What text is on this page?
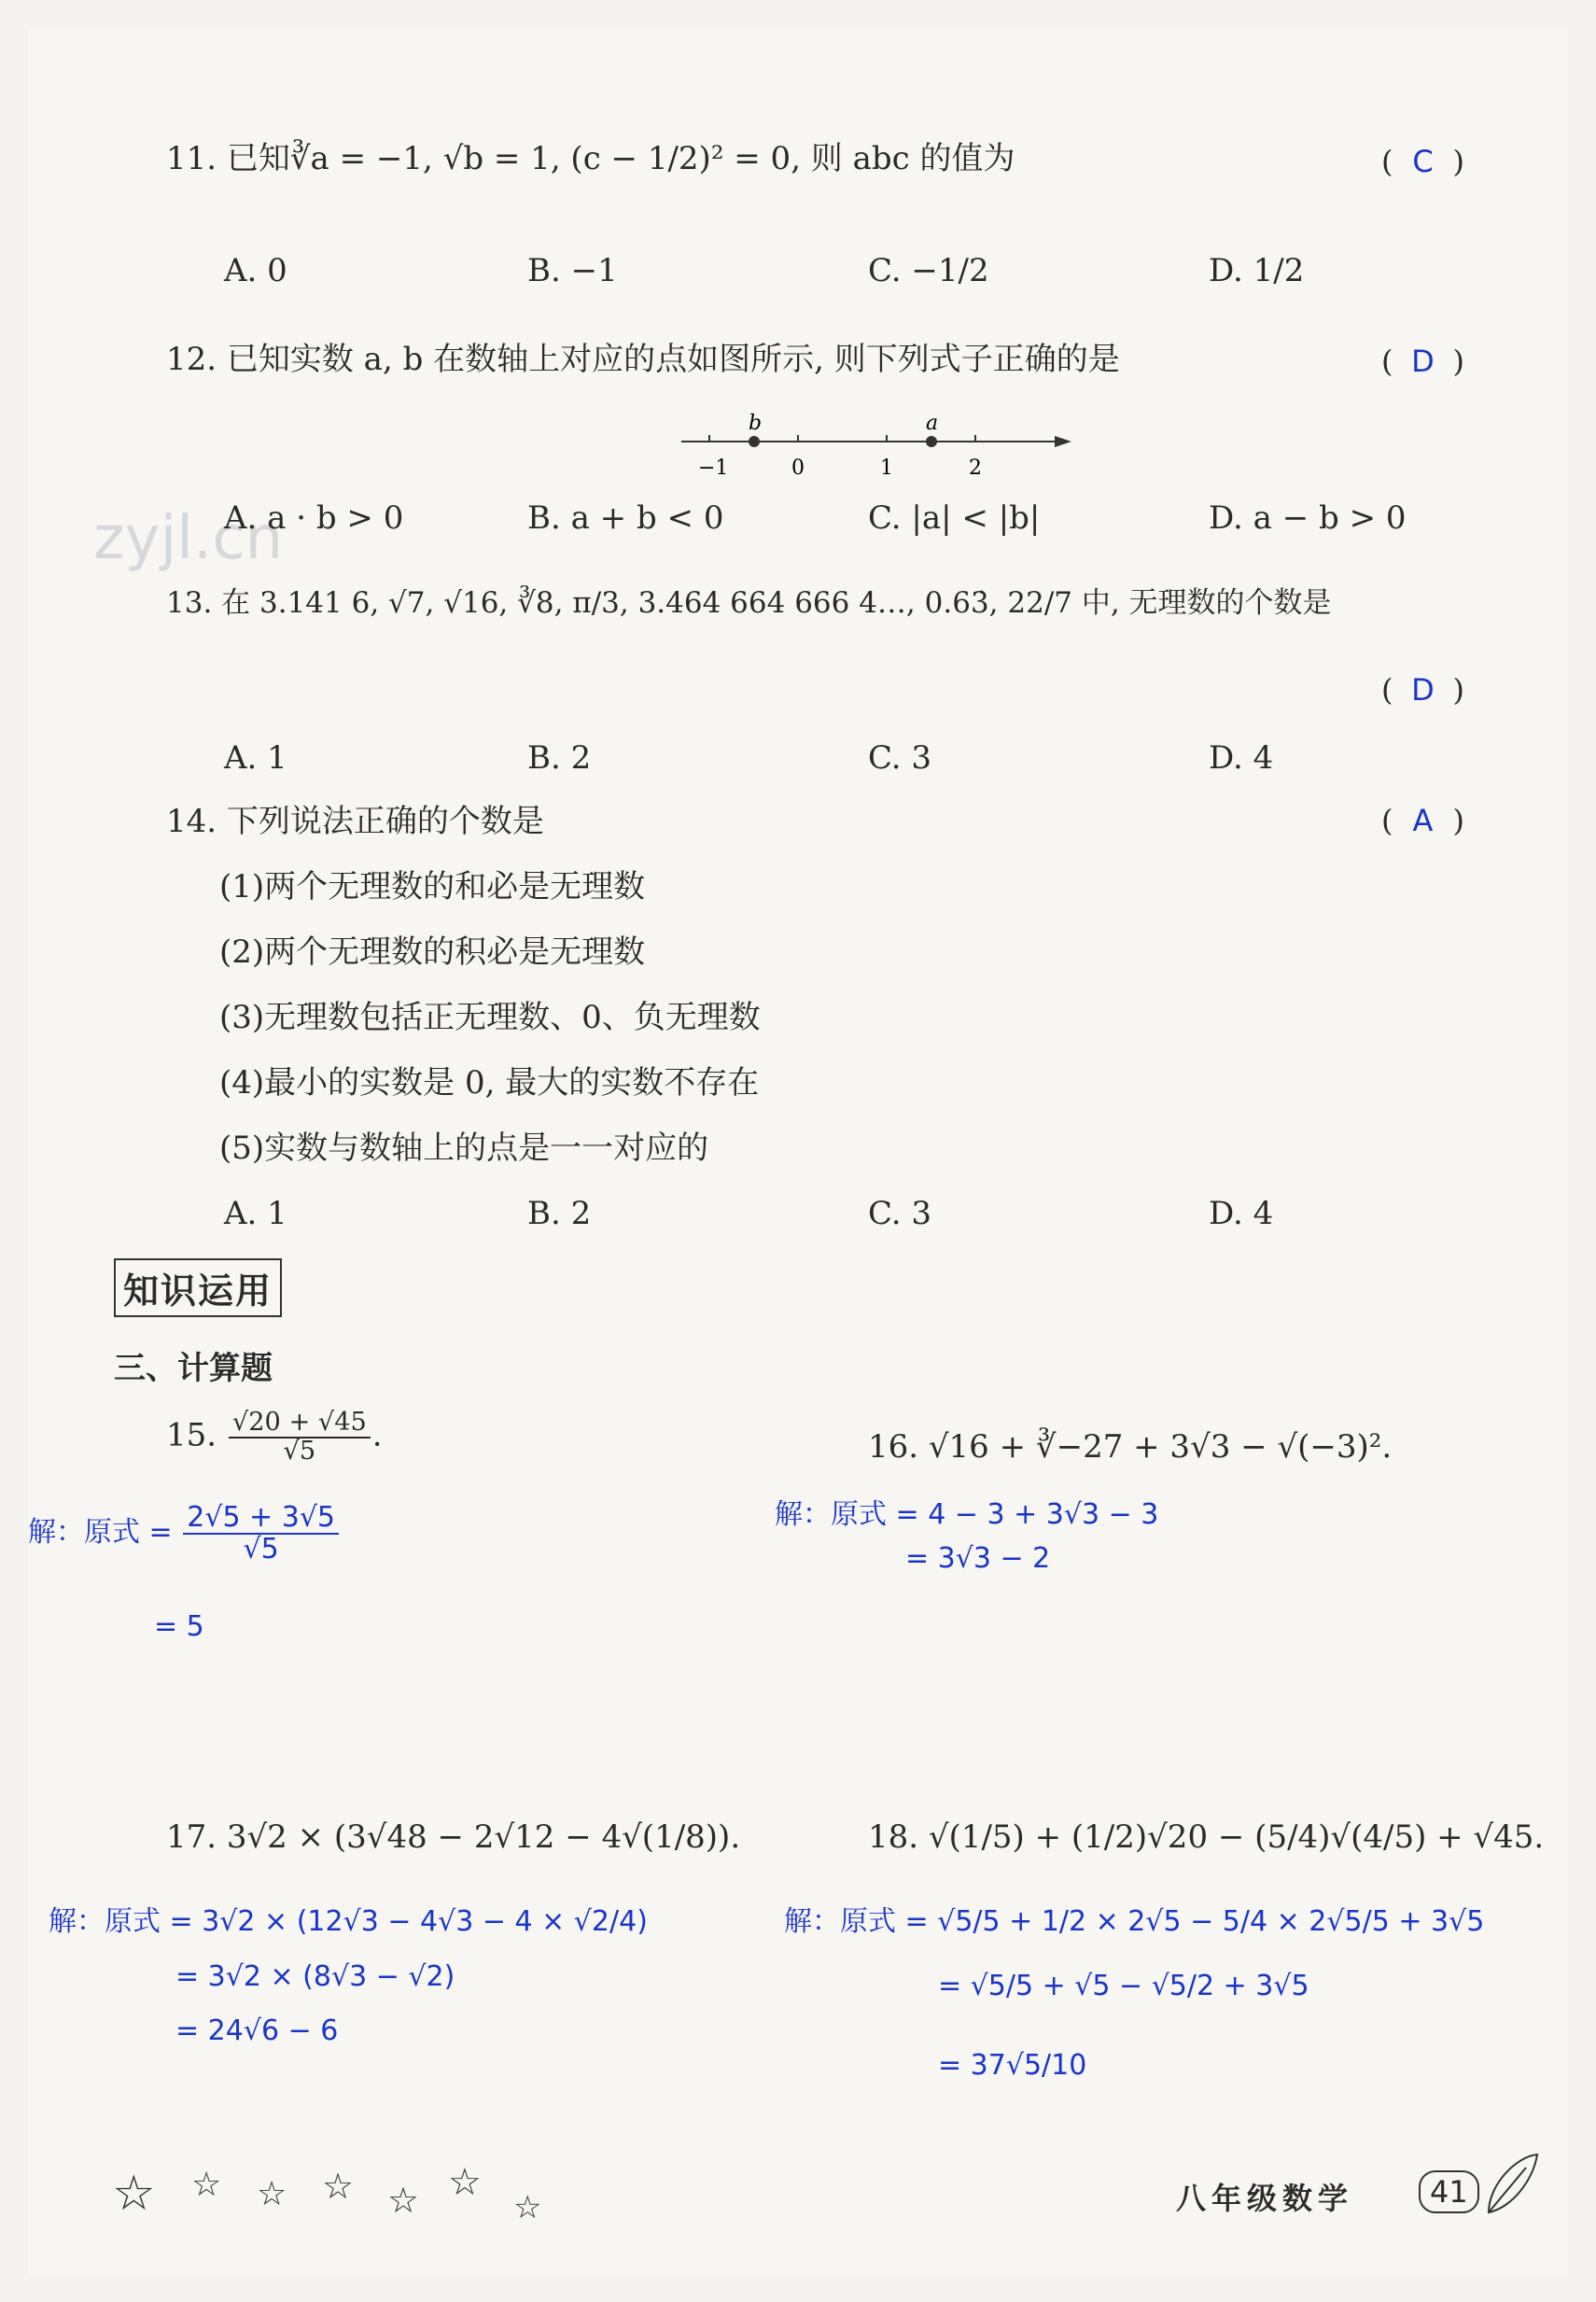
zyjl.cn
11. 已知∛a = −1, √b = 1, (c − 1/2)² = 0, 则 abc 的值为	( C )
A. 0	B. −1	C. −1/2	D. 1/2
12. 已知实数 a, b 在数轴上对应的点如图所示, 则下列式子正确的是	( D )
b	a
−1	0	1	2
A. a · b > 0	B. a + b < 0	C. |a| < |b|	D. a − b > 0
13. 在 3.141 6, √7, √16, ∛8, π/3, 3.464 664 666 4…, 0.63̇, 22/7 中, 无理数的个数是
( D )
A. 1	B. 2	C. 3	D. 4
14. 下列说法正确的个数是	( A )
(1)两个无理数的和必是无理数
(2)两个无理数的积必是无理数
(3)无理数包括正无理数、0、负无理数
(4)最小的实数是 0, 最大的实数不存在
(5)实数与数轴上的点是一一对应的
A. 1	B. 2	C. 3	D. 4
知识运用
三、计算题
15. $\frac{√20 + √45}{√5}$ .
解：原式 = $\frac{2√5 + 3√5}{√5}$
= 5
16. √16 + ∛−27 + 3√3 − √(−3)².
解：原式 = 4 − 3 + 3√3 − 3
= 3√3 − 2
17. 3√2 × (3√48 − 2√12 − 4√(1/8)).
解：原式 = 3√2 × (12√3 − 4√3 − 4 × √2/4)
= 3√2 × (8√3 − √2)
= 24√6 − 6
18. √(1/5) + (1/2)√20 − (5/4)√(4/5) + √45.
解：原式 = √5/5 + 1/2 × 2√5 − 5/4 × 2√5/5 + 3√5
= √5/5 + √5 − √5/2 + 3√5
= 37√5/10
☆ ☆ ☆ ☆ ☆ ☆
☆	八年级数学	41
